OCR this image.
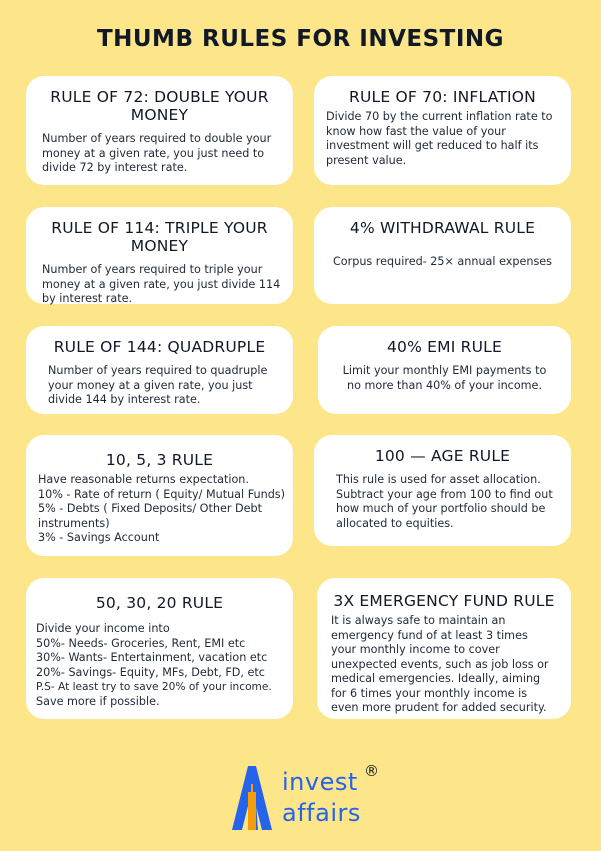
THUMB RULES FOR INVESTING
RULE OF 72: DOUBLE YOUR MONEY
Number of years required to double your
money at a given rate, you just need to
divide 72 by interest rate.
RULE OF 70: INFLATION
Divide 70 by the current inflation rate to
know how fast the value of your
investment will get reduced to half its
present value.
RULE OF 114: TRIPLE YOUR MONEY
Number of years required to triple your
money at a given rate, you just divide 114
by interest rate.
4% WITHDRAWAL RULE
Corpus required- 25× annual expenses
RULE OF 144: QUADRUPLE
Number of years required to quadruple
your money at a given rate, you just
divide 144 by interest rate.
40% EMI RULE
Limit your monthly EMI payments to
no more than 40% of your income.
10, 5, 3 RULE
Have reasonable returns expectation.
10% - Rate of return ( Equity/ Mutual Funds)
5% - Debts ( Fixed Deposits/ Other Debt
instruments)
3% - Savings Account
100 — AGE RULE
This rule is used for asset allocation.
Subtract your age from 100 to find out
how much of your portfolio should be
allocated to equities.
50, 30, 20 RULE
Divide your income into
50%- Needs- Groceries, Rent, EMI etc
30%- Wants- Entertainment, vacation etc
20%- Savings- Equity, MFs, Debt, FD, etc
P.S- At least try to save 20% of your income.
Save more if possible.
3X EMERGENCY FUND RULE
It is always safe to maintain an
emergency fund of at least 3 times
your monthly income to cover
unexpected events, such as job loss or
medical emergencies. Ideally, aiming
for 6 times your monthly income is
even more prudent for added security.
invest
affairs
®
